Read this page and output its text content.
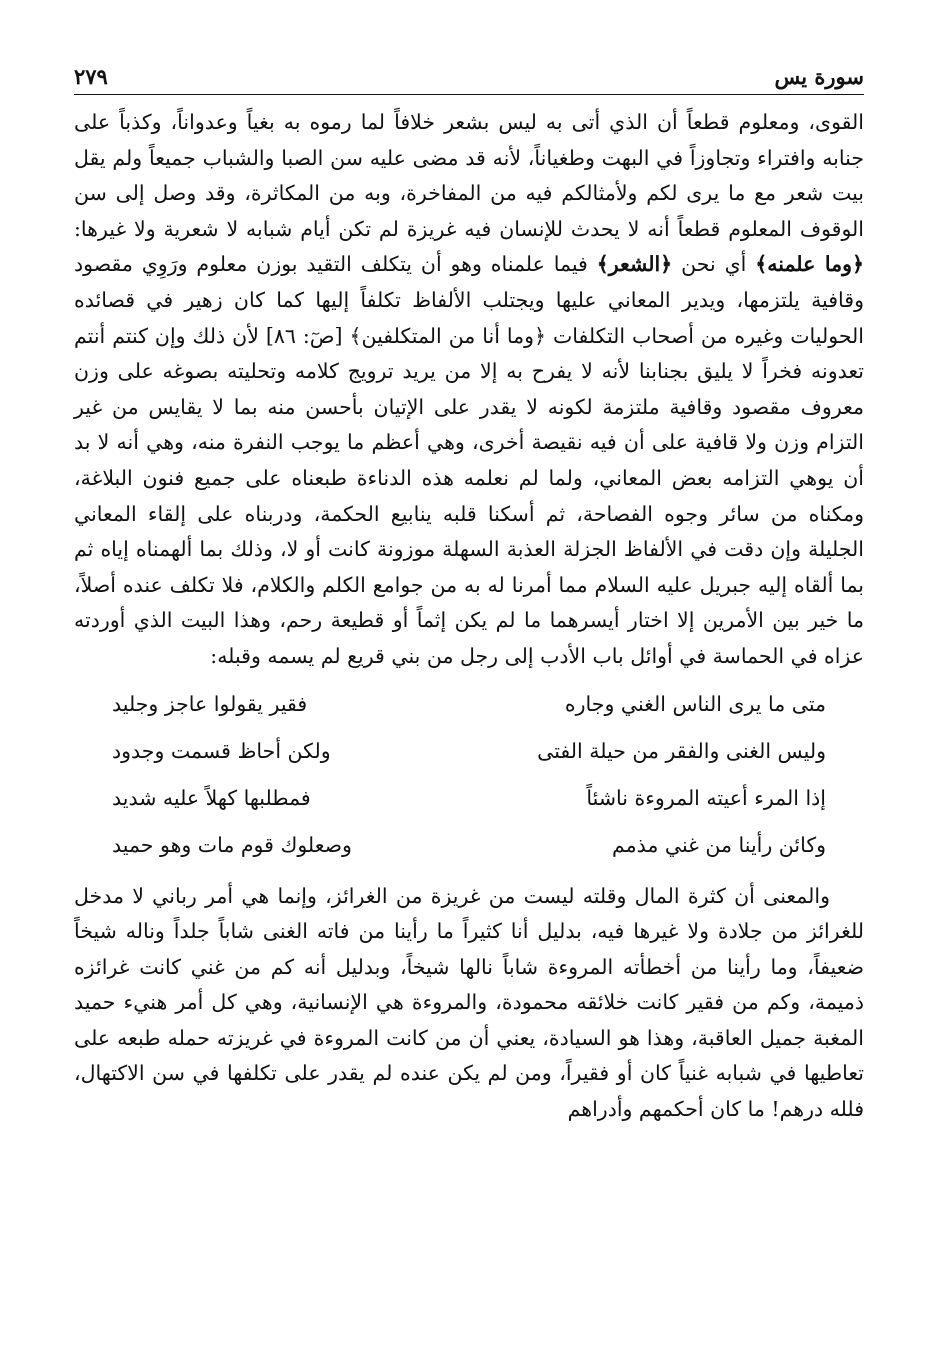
سورة يس
٢٧٩

القوى، ومعلوم قطعاً أن الذي أتى به ليس بشعر خلافاً لما رموه به بغياً وعدواناً، وكذباً على جنابه وافتراء وتجاوزاً في البهت وطغياناً، لأنه قد مضى عليه سن الصبا والشباب جميعاً ولم يقل بيت شعر مع ما يرى لكم ولأمثالكم فيه من المفاخرة، وبه من المكاثرة، وقد وصل إلى سن الوقوف المعلوم قطعاً أنه لا يحدث للإنسان فيه غريزة لم تكن أيام شبابه لا شعرية ولا غيرها: ﴿وما علمنه﴾ أي نحن ﴿الشعر﴾ فيما علمناه وهو أن يتكلف التقيد بوزن معلوم ورَوِي مقصود وقافية يلتزمها، ويدير المعاني عليها ويجتلب الألفاظ تكلفاً إليها كما كان زهير في قصائده الحوليات وغيره من أصحاب التكلفات ﴿وما أنا من المتكلفين﴾ [صٓ: ٨٦] لأن ذلك وإن كنتم أنتم تعدونه فخراً لا يليق بجنابنا لأنه لا يفرح به إلا من يريد ترويج كلامه وتحليته بصوغه على وزن معروف مقصود وقافية ملتزمة لكونه لا يقدر على الإتيان بأحسن منه بما لا يقايس من غير التزام وزن ولا قافية على أن فيه نقيصة أخرى، وهي أعظم ما يوجب النفرة منه، وهي أنه لا بد أن يوهي التزامه بعض المعاني، ولما لم نعلمه هذه الدناءة طبعناه على جميع فنون البلاغة، ومكناه من سائر وجوه الفصاحة، ثم أسكنا قلبه ينابيع الحكمة، ودربناه على إلقاء المعاني الجليلة وإن دقت في الألفاظ الجزلة العذبة السهلة موزونة كانت أو لا، وذلك بما ألهمناه إياه ثم بما ألقاه إليه جبريل عليه السلام مما أمرنا له به من جوامع الكلم والكلام، فلا تكلف عنده أصلاً، ما خير بين الأمرين إلا اختار أيسرهما ما لم يكن إثماً أو قطيعة رحم، وهذا البيت الذي أوردته عزاه في الحماسة في أوائل باب الأدب إلى رجل من بني قريع لم يسمه وقبله:

متى ما يرى الناس الغني وجاره
فقير يقولوا عاجز وجليد
وليس الغنى والفقر من حيلة الفتى
ولكن أحاظ قسمت وجدود
إذا المرء أعيته المروءة ناشئاً
فمطلبها كهلاً عليه شديد
وكائن رأينا من غني مذمم
وصعلوك قوم مات وهو حميد

والمعنى أن كثرة المال وقلته ليست من غريزة من الغرائز، وإنما هي أمر رباني لا مدخل للغرائز من جلادة ولا غيرها فيه، بدليل أنا كثيراً ما رأينا من فاته الغنى شاباً جلداً وناله شيخاً ضعيفاً، وما رأينا من أخطأته المروءة شاباً نالها شيخاً، وبدليل أنه كم من غني كانت غرائزه ذميمة، وكم من فقير كانت خلائقه محمودة، والمروءة هي الإنسانية، وهي كل أمر هنيء حميد المغبة جميل العاقبة، وهذا هو السيادة، يعني أن من كانت المروءة في غريزته حمله طبعه على تعاطيها في شبابه غنياً كان أو فقيراً، ومن لم يكن عنده لم يقدر على تكلفها في سن الاكتهال، فلله درهم! ما كان أحكمهم وأدراهم
